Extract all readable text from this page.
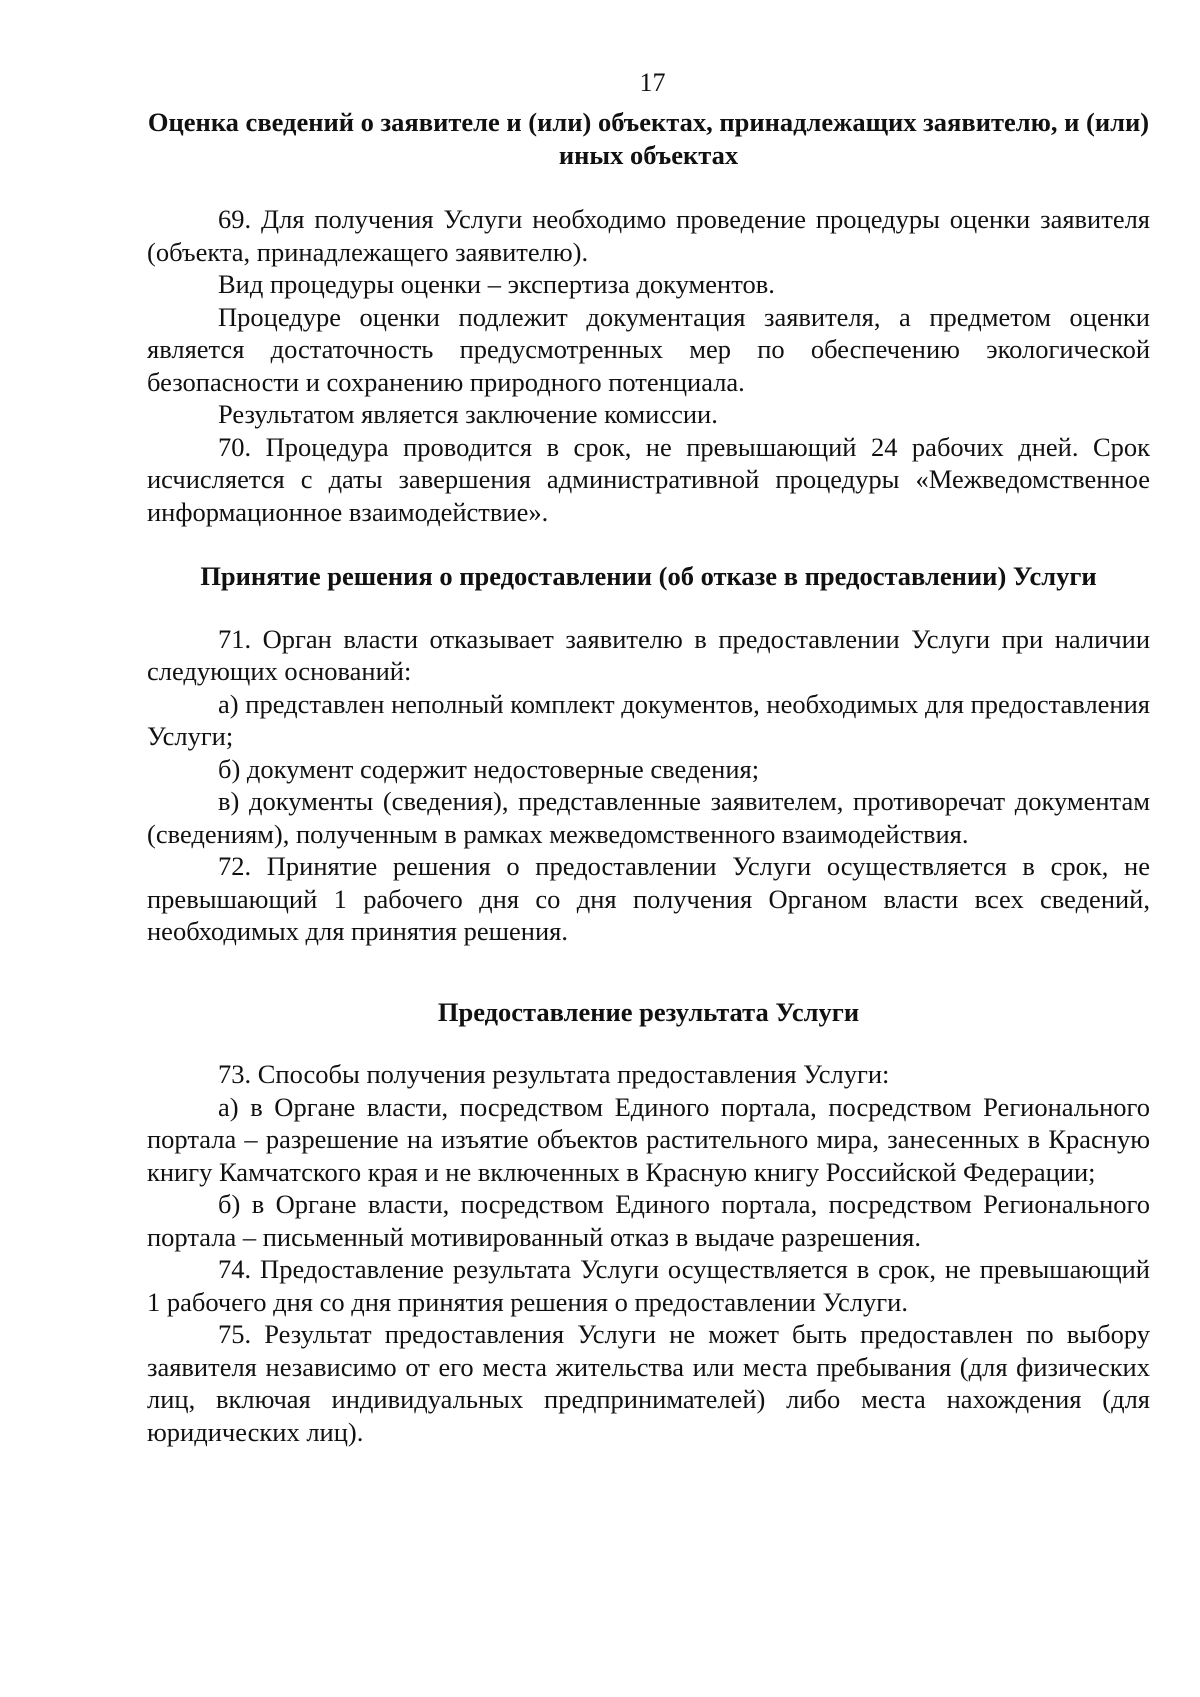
17
Оценка сведений о заявителе и (или) объектах, принадлежащих заявителю, и (или) иных объектах

69. Для получения Услуги необходимо проведение процедуры оценки заявителя (объекта, принадлежащего заявителю).

Вид процедуры оценки – экспертиза документов.

Процедуре оценки подлежит документация заявителя, а предметом оценки является достаточность предусмотренных мер по обеспечению экологической безопасности и сохранению природного потенциала.

Результатом является заключение комиссии.

70. Процедура проводится в срок, не превышающий 24 рабочих дней. Срок исчисляется с даты завершения административной процедуры «Межведомственное информационное взаимодействие».

Принятие решения о предоставлении (об отказе в предоставлении) Услуги

71. Орган власти отказывает заявителю в предоставлении Услуги при наличии следующих оснований:

а) представлен неполный комплект документов, необходимых для предоставления Услуги;

б) документ содержит недостоверные сведения;

в) документы (сведения), представленные заявителем, противоречат документам (сведениям), полученным в рамках межведомственного взаимодействия.

72. Принятие решения о предоставлении Услуги осуществляется в срок, не превышающий 1 рабочего дня со дня получения Органом власти всех сведений, необходимых для принятия решения.

Предоставление результата Услуги

73. Способы получения результата предоставления Услуги:

а) в Органе власти, посредством Единого портала, посредством Регионального портала – разрешение на изъятие объектов растительного мира, занесенных в Красную книгу Камчатского края и не включенных в Красную книгу Российской Федерации;

б) в Органе власти, посредством Единого портала, посредством Регионального портала – письменный мотивированный отказ в выдаче разрешения.

74. Предоставление результата Услуги осуществляется в срок, не превышающий 1 рабочего дня со дня принятия решения о предоставлении Услуги.

75. Результат предоставления Услуги не может быть предоставлен по выбору заявителя независимо от его места жительства или места пребывания (для физических лиц, включая индивидуальных предпринимателей) либо места нахождения (для юридических лиц).
